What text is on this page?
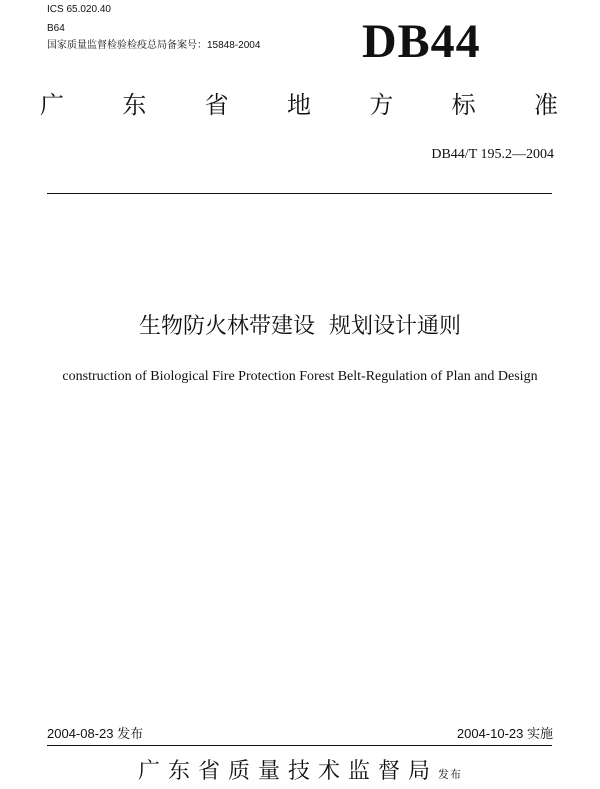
ICS 65.020.40
B64
国家质量监督检验检疫总局备案号：15848-2004 DB44
广 东 省 地 方 标 准
DB44/T 195.2—2004
生物防火林带建设  规划设计通则
construction of Biological Fire Protection Forest Belt-Regulation of Plan and Design
2004-08-23 发布	2004-10-23 实施
广东省质量技术监督局发布
